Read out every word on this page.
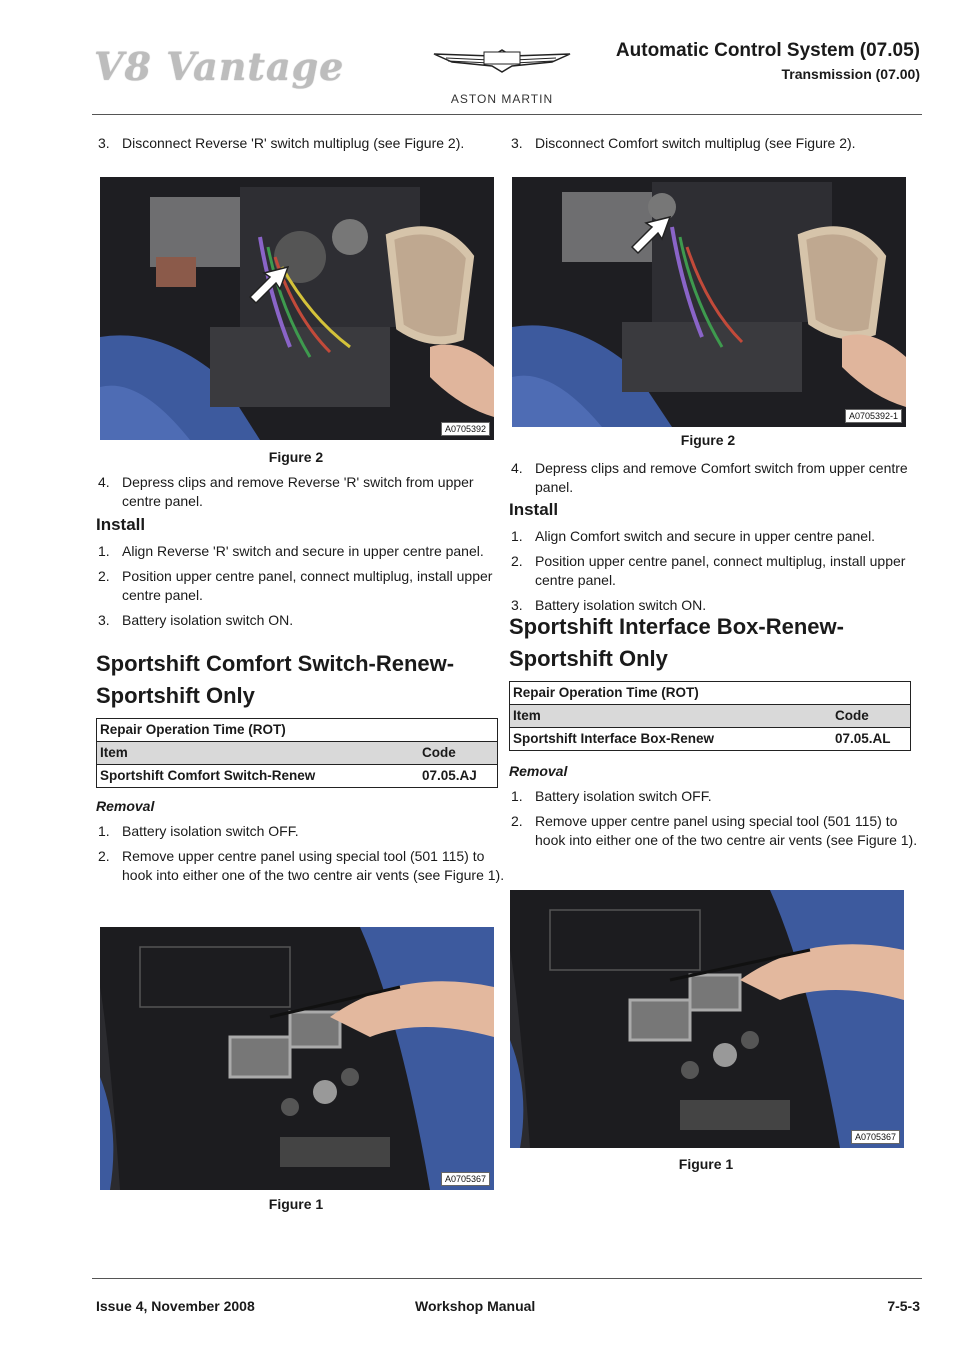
V8 Vantage
ASTON MARTIN
Automatic Control System (07.05)
Transmission (07.00)
3. Disconnect Reverse 'R' switch multiplug (see Figure 2).
A0705392
Figure 2
4. Depress clips and remove Reverse 'R' switch from upper centre panel.
Install
1. Align Reverse 'R' switch and secure in upper centre panel.
2. Position upper centre panel, connect multiplug, install upper centre panel.
3. Battery isolation switch ON.
Sportshift Comfort Switch-Renew-Sportshift Only
Repair Operation Time (ROT)
Item	Code
Sportshift Comfort Switch-Renew	07.05.AJ
Removal
1. Battery isolation switch OFF.
2. Remove upper centre panel using special tool (501 115) to hook into either one of the two centre air vents (see Figure 1).
A0705367
Figure 1
3. Disconnect Comfort switch multiplug (see Figure 2).
A0705392-1
Figure 2
4. Depress clips and remove Comfort switch from upper centre panel.
Install
1. Align Comfort switch and secure in upper centre panel.
2. Position upper centre panel, connect multiplug, install upper centre panel.
3. Battery isolation switch ON.
Sportshift Interface Box-Renew-Sportshift Only
Repair Operation Time (ROT)
Item	Code
Sportshift Interface Box-Renew	07.05.AL
Removal
1. Battery isolation switch OFF.
2. Remove upper centre panel using special tool (501 115) to hook into either one of the two centre air vents (see Figure 1).
A0705367
Figure 1
Issue 4, November 2008	Workshop Manual	7-5-3
